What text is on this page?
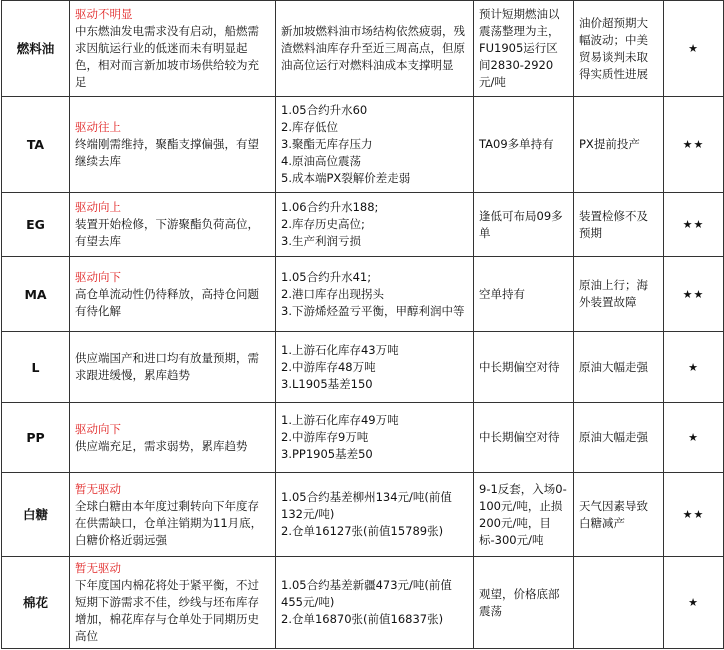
燃料油	驱动不明显
中东燃油发电需求没有启动，船燃需求因航运行业的低迷而未有明显起色，相对而言新加坡市场供给较为充足	新加坡燃料油市场结构依然疲弱，残渣燃料油库存升至近三周高点，但原油高位运行对燃料油成本支撑明显	预计短期燃油以震荡整理为主，FU1905运行区间2830-2920元/吨	油价超预期大幅波动；中美贸易谈判未取得实质性进展	★
TA	驱动往上
终端刚需维持，聚酯支撑偏强，有望继续去库	1.05合约升水60
2.库存低位
3.聚酯无库存压力
4.原油高位震荡
5.成本端PX裂解价差走弱	TA09多单持有	PX提前投产	★★
EG	驱动向上
装置开始检修，下游聚酯负荷高位，有望去库	1.06合约升水188;
2.库存历史高位;
3.生产利润亏损	逢低可布局09多单	装置检修不及预期	★★
MA	驱动向下
高仓单流动性仍待释放，高持仓问题有待化解	1.05合约升水41;
2.港口库存出现拐头
3.下游烯烃盈亏平衡，甲醇利润中等	空单持有	原油上行；海外装置故障	★★
L	供应端国产和进口均有放量预期，需求跟进缓慢，累库趋势	1.上游石化库存43万吨
2.中游库存48万吨
3.L1905基差150	中长期偏空对待	原油大幅走强	★
PP	驱动向下
供应端充足，需求弱势，累库趋势	1.上游石化库存49万吨
2.中游库存9万吨
3.PP1905基差50	中长期偏空对待	原油大幅走强	★
白糖	暂无驱动
全球白糖由本年度过剩转向下年度存在供需缺口，仓单注销期为11月底，白糖价格近弱远强	1.05合约基差柳州134元/吨(前值132元/吨)
2.仓单16127张(前值15789张)	9-1反套，入场0-100元/吨，止损200元/吨，目标-300元/吨	天气因素导致白糖减产	★★
棉花	暂无驱动
下年度国内棉花将处于紧平衡，不过短期下游需求不佳，纱线与坯布库存增加，棉花库存与仓单处于同期历史高位	1.05合约基差新疆473元/吨(前值455元/吨)
2.仓单16870张(前值16837张)	观望，价格底部震荡		★
